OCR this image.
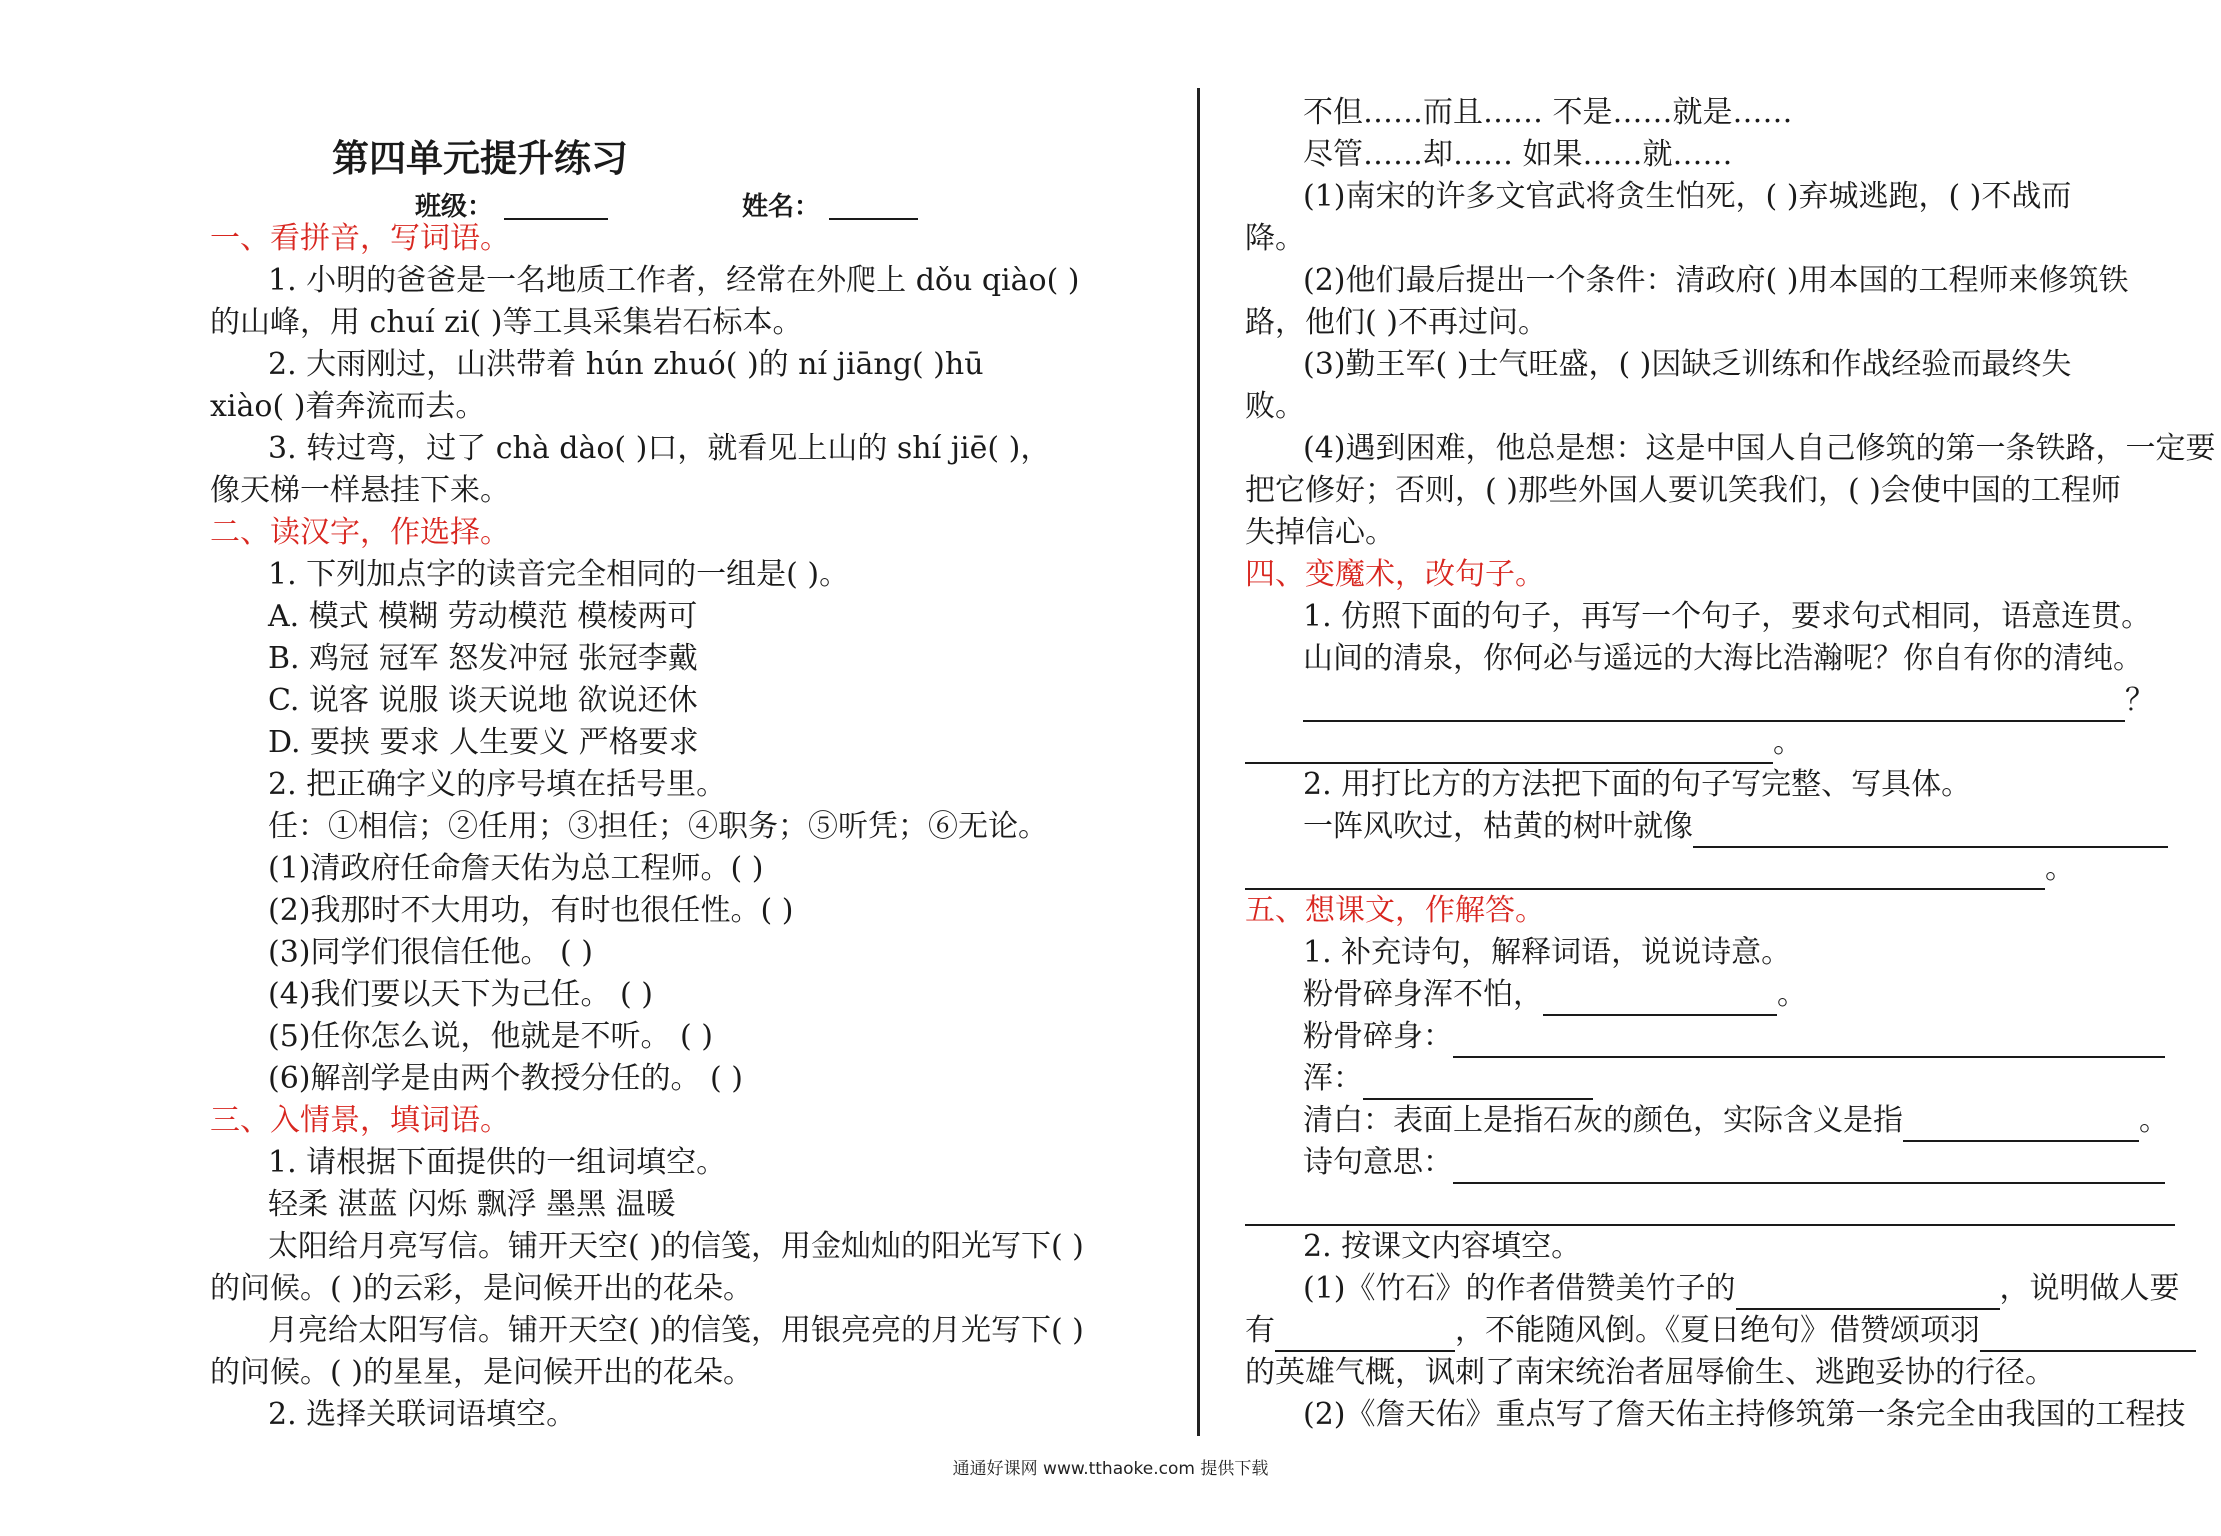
第四单元提升练习
班级：	姓名：
一、看拼音，写词语。
1. 小明的爸爸是一名地质工作者，经常在外爬上 dǒu qiào( )
的山峰，用 chuí zi( )等工具采集岩石标本。
2. 大雨刚过，山洪带着 hún zhuó( )的 ní jiāng( )hū
xiào( )着奔流而去。
3. 转过弯，过了 chà dào( )口，就看见上山的 shí jiē( )，
像天梯一样悬挂下来。
二、读汉字，作选择。
1. 下列加点字的读音完全相同的一组是( )。
A. 模式 模糊 劳动模范 模棱两可
B. 鸡冠 冠军 怒发冲冠 张冠李戴
C. 说客 说服 谈天说地 欲说还休
D. 要挟 要求 人生要义 严格要求
2. 把正确字义的序号填在括号里。
任：①相信；②任用；③担任；④职务；⑤听凭；⑥无论。
(1)清政府任命詹天佑为总工程师。( )
(2)我那时不大用功，有时也很任性。( )
(3)同学们很信任他。 ( )
(4)我们要以天下为己任。 ( )
(5)任你怎么说，他就是不听。 ( )
(6)解剖学是由两个教授分任的。 ( )
三、入情景，填词语。
1. 请根据下面提供的一组词填空。
轻柔 湛蓝 闪烁 飘浮 墨黑 温暖
太阳给月亮写信。铺开天空( )的信笺，用金灿灿的阳光写下( )
的问候。( )的云彩，是问候开出的花朵。
月亮给太阳写信。铺开天空( )的信笺，用银亮亮的月光写下( )
的问候。( )的星星，是问候开出的花朵。
2. 选择关联词语填空。
不但……而且…… 不是……就是……
尽管……却…… 如果……就……
(1)南宋的许多文官武将贪生怕死，( )弃城逃跑，( )不战而
降。
(2)他们最后提出一个条件：清政府( )用本国的工程师来修筑铁
路，他们( )不再过问。
(3)勤王军( )士气旺盛，( )因缺乏训练和作战经验而最终失
败。
(4)遇到困难，他总是想：这是中国人自己修筑的第一条铁路，一定要
把它修好；否则，( )那些外国人要讥笑我们，( )会使中国的工程师
失掉信心。
四、变魔术，改句子。
1. 仿照下面的句子，再写一个句子，要求句式相同，语意连贯。
山间的清泉，你何必与遥远的大海比浩瀚呢？你自有你的清纯。
？
。
2. 用打比方的方法把下面的句子写完整、写具体。
一阵风吹过，枯黄的树叶就像
。
五、想课文，作解答。
1. 补充诗句，解释词语，说说诗意。
粉骨碎身浑不怕，	。
粉骨碎身：
浑：
清白：表面上是指石灰的颜色，实际含义是指	。
诗句意思：
2. 按课文内容填空。
(1)《竹石》的作者借赞美竹子的	，说明做人要
有	，不能随风倒。《夏日绝句》借赞颂项羽
的英雄气概，讽刺了南宋统治者屈辱偷生、逃跑妥协的行径。
(2)《詹天佑》重点写了詹天佑主持修筑第一条完全由我国的工程技
通通好课网 www.tthaoke.com 提供下载
